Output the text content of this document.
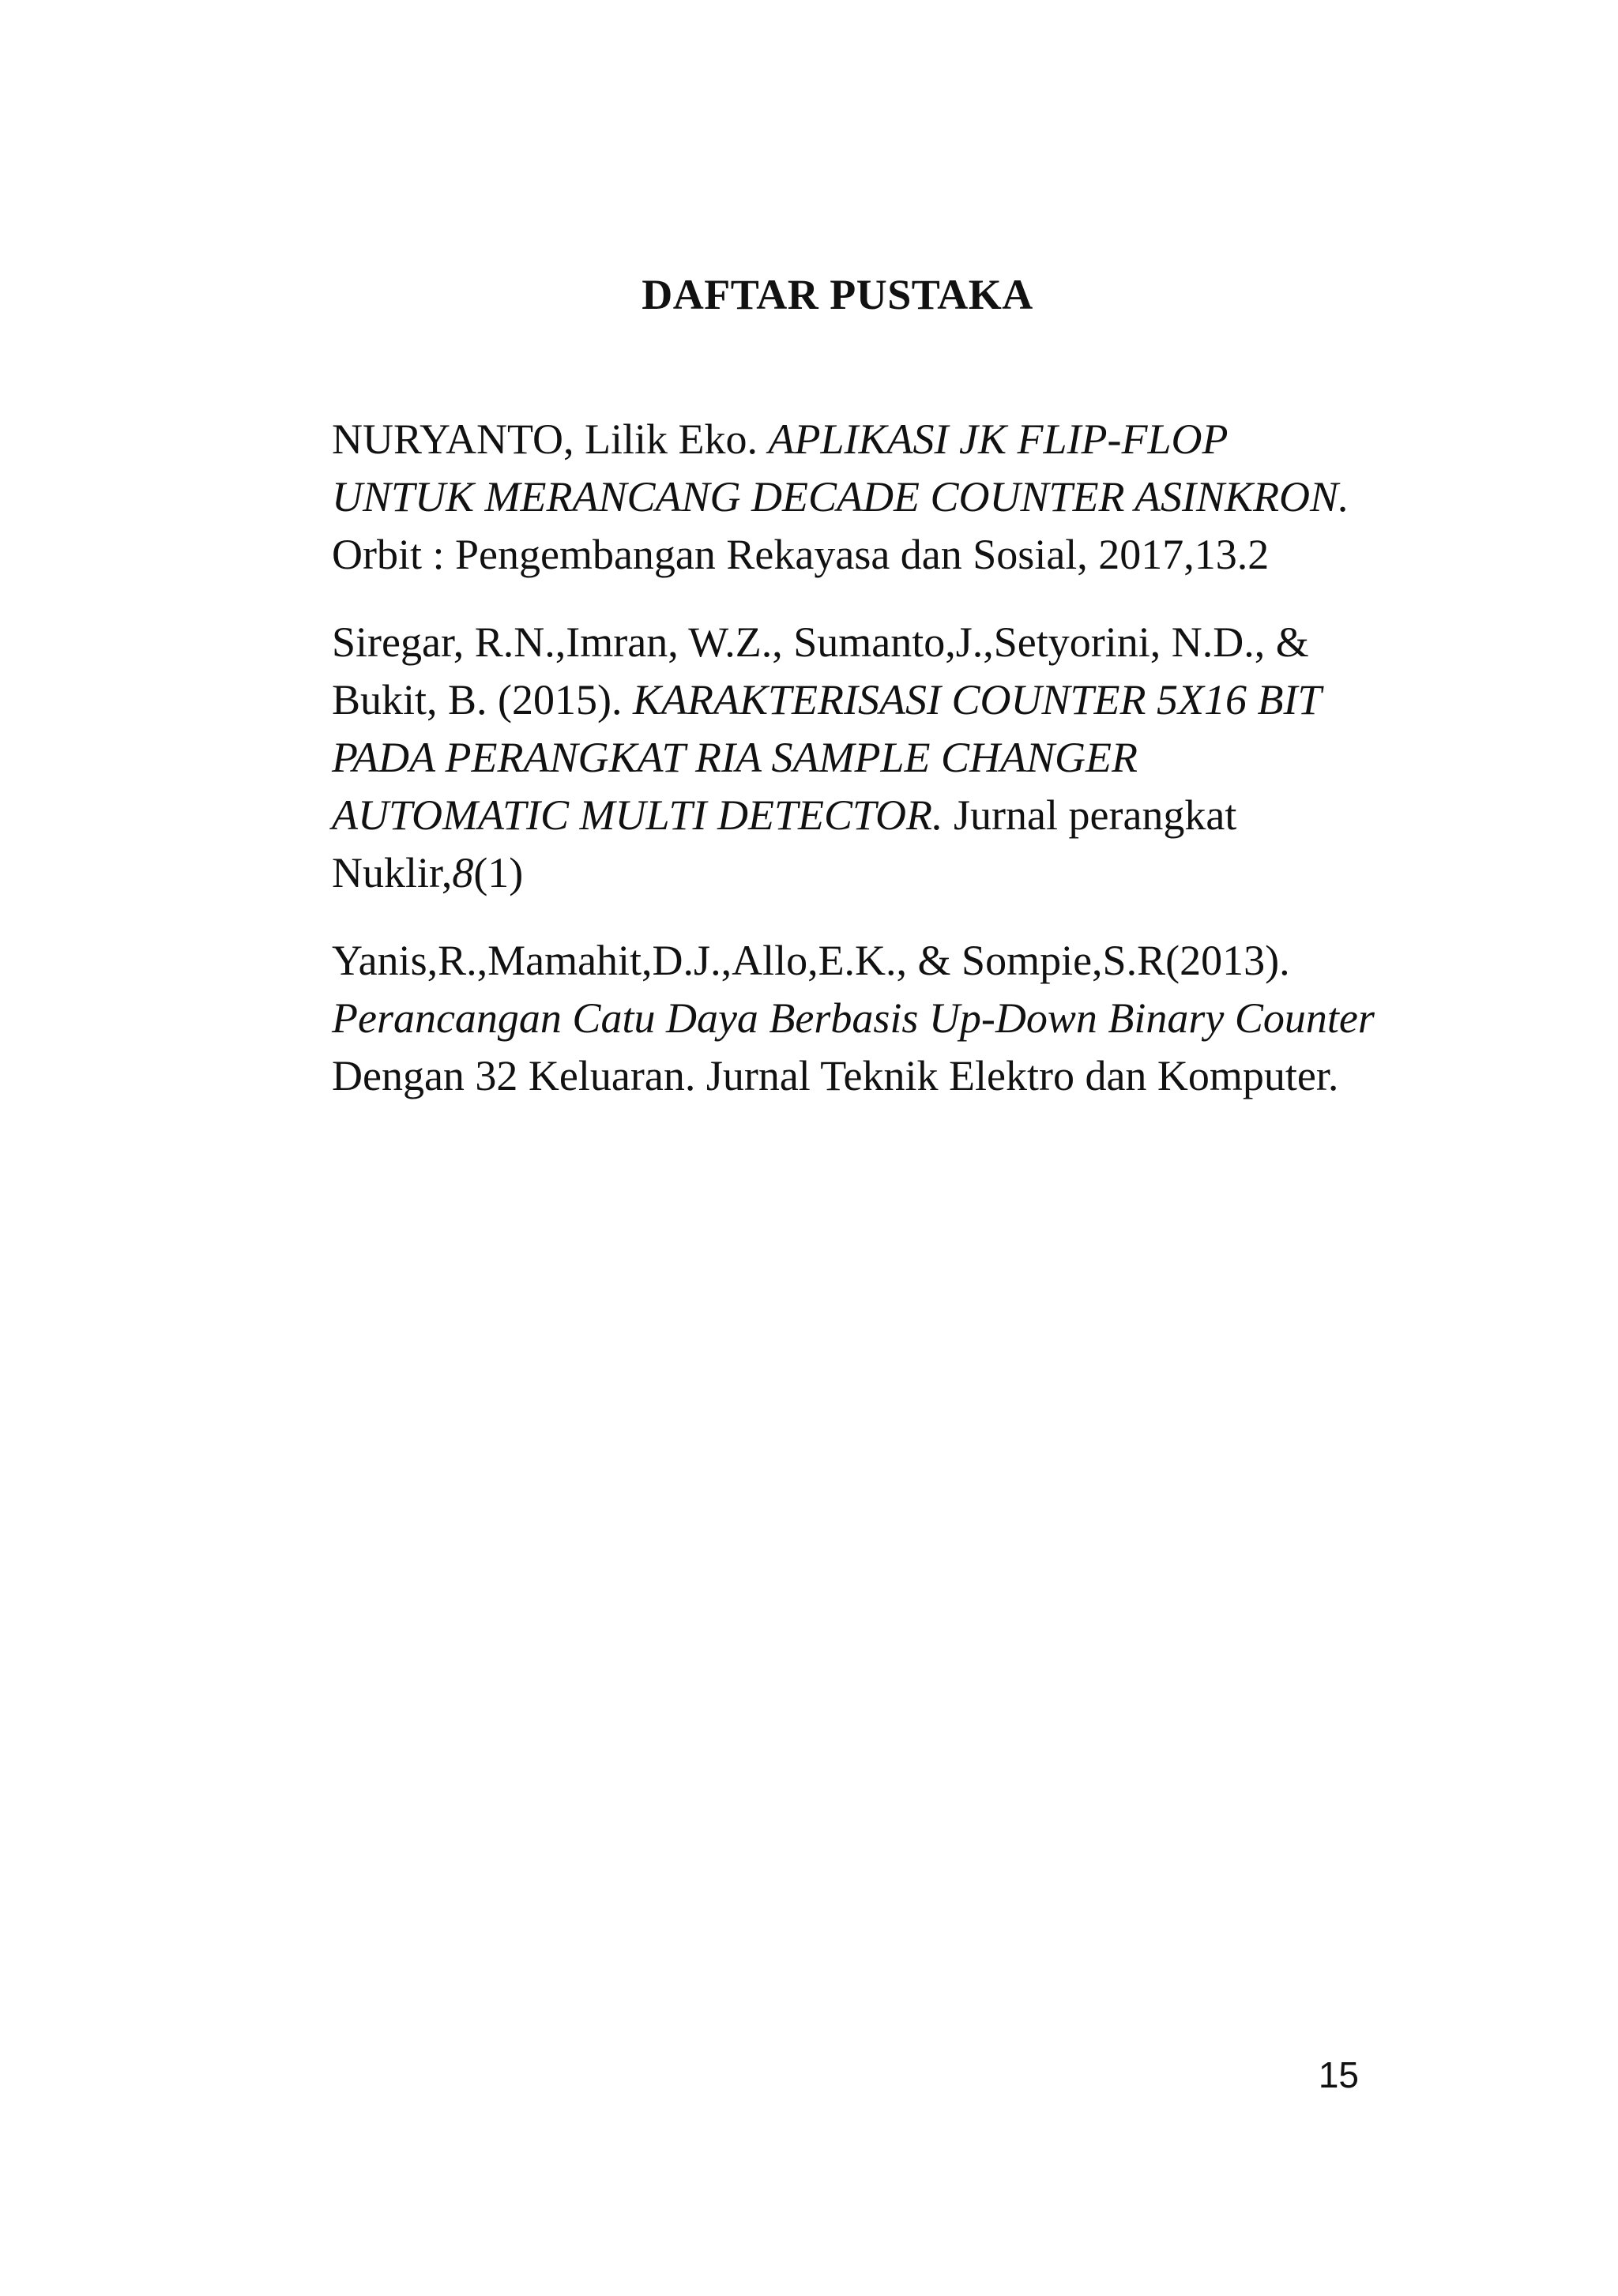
DAFTAR PUSTAKA

NURYANTO, Lilik Eko. APLIKASI JK FLIP-FLOP UNTUK MERANCANG DECADE COUNTER ASINKRON. Orbit : Pengembangan Rekayasa dan Sosial, 2017,13.2

Siregar, R.N.,Imran, W.Z., Sumanto,J.,Setyorini, N.D., & Bukit, B. (2015). KARAKTERISASI COUNTER 5X16 BIT PADA PERANGKAT RIA SAMPLE CHANGER AUTOMATIC MULTI DETECTOR. Jurnal perangkat Nuklir,8(1)

Yanis,R.,Mamahit,D.J.,Allo,E.K., & Sompie,S.R(2013). Perancangan Catu Daya Berbasis Up-Down Binary Counter Dengan 32 Keluaran. Jurnal Teknik Elektro dan Komputer.

15
